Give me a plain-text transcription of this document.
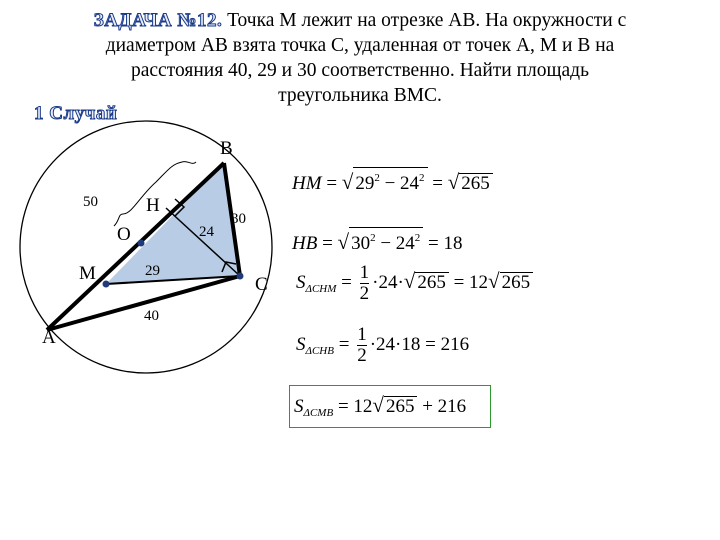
ЗАДАЧА №12. Точка M лежит на отрезке AB. На окружности с
диаметром AB взята точка C, удаленная от точек A, M и B на
расстояния 40, 29 и 30 соответственно. Найти площадь
треугольника BMC.
1 Случай
B
H
O
M
A
C
50
24
30
29
40
HM = √ $29^2 - 24^2$ = √ 265
HB = √ $30^2 - 24^2 = 18$
$S_{\Delta CHM} = \frac{1}{2} \cdot 24\cdot√$ 265 = 12√ 265
$S_{\Delta CHB} = \frac{1}{2} \cdot 24\cdot 18 = 216$
$S_{\Delta CMB} = 12√$ 265 + 216
